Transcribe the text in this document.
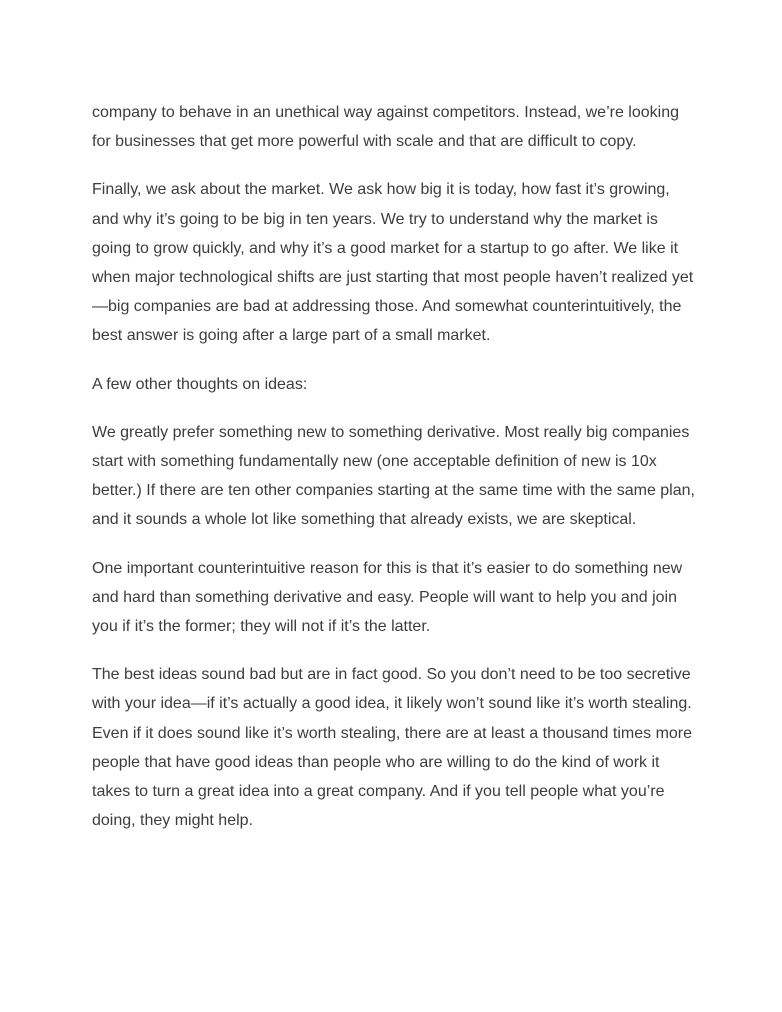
company to behave in an unethical way against competitors. Instead, we’re looking for businesses that get more powerful with scale and that are difficult to copy.

Finally, we ask about the market. We ask how big it is today, how fast it’s growing, and why it’s going to be big in ten years. We try to understand why the market is going to grow quickly, and why it’s a good market for a startup to go after. We like it when major technological shifts are just starting that most people haven’t realized yet—big companies are bad at addressing those. And somewhat counterintuitively, the best answer is going after a large part of a small market.

A few other thoughts on ideas:

We greatly prefer something new to something derivative. Most really big companies start with something fundamentally new (one acceptable definition of new is 10x better.) If there are ten other companies starting at the same time with the same plan, and it sounds a whole lot like something that already exists, we are skeptical.

One important counterintuitive reason for this is that it’s easier to do something new and hard than something derivative and easy. People will want to help you and join you if it’s the former; they will not if it’s the latter.

The best ideas sound bad but are in fact good. So you don’t need to be too secretive with your idea—if it’s actually a good idea, it likely won’t sound like it’s worth stealing. Even if it does sound like it’s worth stealing, there are at least a thousand times more people that have good ideas than people who are willing to do the kind of work it takes to turn a great idea into a great company. And if you tell people what you’re doing, they might help.
